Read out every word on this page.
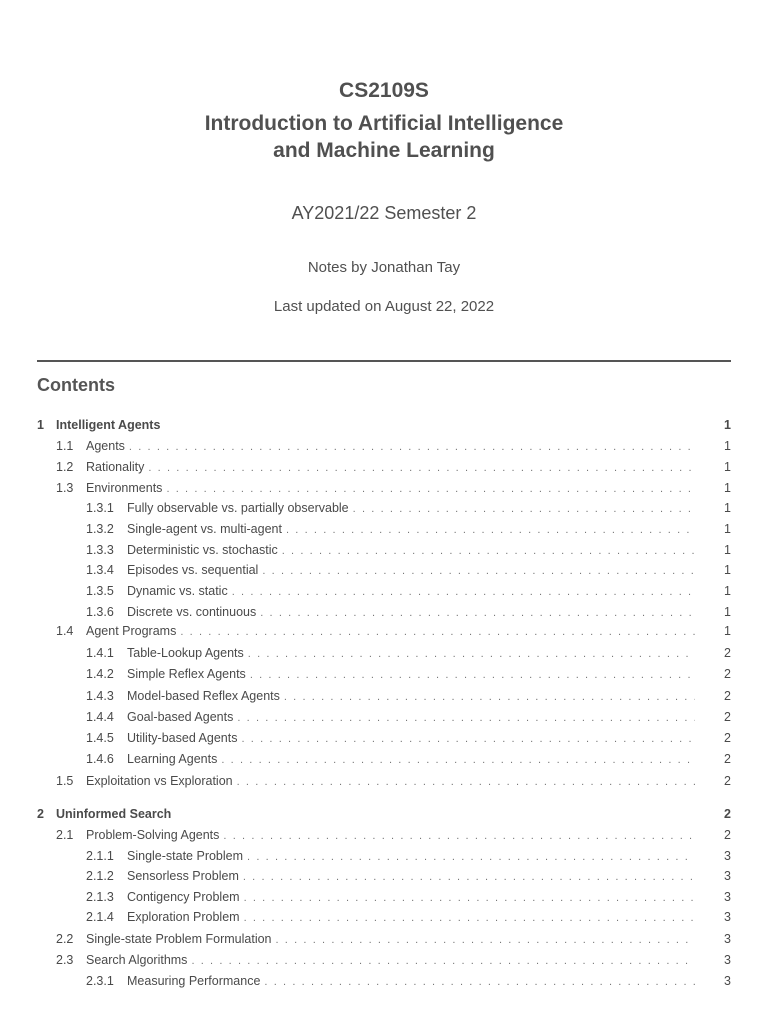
CS2109S
Introduction to Artificial Intelligence
and Machine Learning
AY2021/22 Semester 2
Notes by Jonathan Tay
Last updated on August 22, 2022
Contents
1 Intelligent Agents	1
1.1	Agents . . .	1
1.2	Rationality . . .	1
1.3	Environments . . .	1
1.3.1	Fully observable vs. partially observable . . .	1
1.3.2	Single-agent vs. multi-agent . . .	1
1.3.3	Deterministic vs. stochastic . . .	1
1.3.4	Episodes vs. sequential . . .	1
1.3.5	Dynamic vs. static . . .	1
1.3.6	Discrete vs. continuous . . .	1
1.4	Agent Programs . . .	1
1.4.1	Table-Lookup Agents . . .	2
1.4.2	Simple Reflex Agents . . .	2
1.4.3	Model-based Reflex Agents . . .	2
1.4.4	Goal-based Agents . . .	2
1.4.5	Utility-based Agents . . .	2
1.4.6	Learning Agents . . .	2
1.5	Exploitation vs Exploration . . .	2
2 Uninformed Search	2
2.1	Problem-Solving Agents . . .	2
2.1.1	Single-state Problem . . .	3
2.1.2	Sensorless Problem . . .	3
2.1.3	Contigency Problem . . .	3
2.1.4	Exploration Problem . . .	3
2.2	Single-state Problem Formulation . . .	3
2.3	Search Algorithms . . .	3
2.3.1	Measuring Performance . . .	3
